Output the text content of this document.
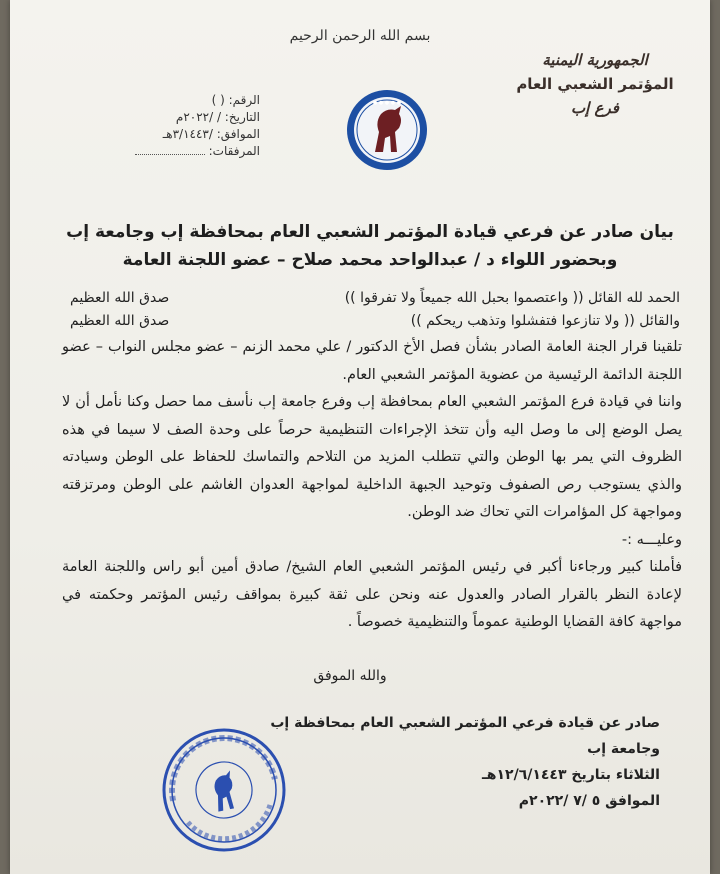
بسم الله الرحمن الرحيم
الجمهورية اليمنية
المؤتمر الشعبي العام
فرع إب
● ● ● ● ●
الرقم: ( )
التاريخ: / /٢٠٢٢م
الموافق: /٣/١٤٤٣هـ
المرفقات:
بيان صادر عن فرعي قيادة المؤتمر الشعبي العام بمحافظة إب وجامعة إب
وبحضور اللواء د / عبدالواحد محمد صلاح – عضو اللجنة العامة
الحمد لله القائل (( واعتصموا بحبل الله جميعاً ولا تفرقوا ))
صدق الله العظيم
والقائل (( ولا تنازعوا فتفشلوا وتذهب ريحكم ))
صدق الله العظيم

تلقينا قرار الجنة العامة الصادر بشأن فصل الأخ الدكتور / علي محمد الزنم – عضو مجلس النواب – عضو اللجنة الدائمة الرئيسية من عضوية المؤتمر الشعبي العام.

واننا في قيادة فرع المؤتمر الشعبي العام بمحافظة إب وفرع جامعة إب نأسف مما حصل وكنا نأمل أن لا يصل الوضع إلى ما وصل اليه وأن تتخذ الإجراءات التنظيمية حرصاً على وحدة الصف لا سيما في هذه الظروف التي يمر بها الوطن والتي تتطلب المزيد من التلاحم والتماسك للحفاظ على الوطن وسيادته والذي يستوجب رص الصفوف وتوحيد الجبهة الداخلية لمواجهة العدوان الغاشم على الوطن ومرتزقته ومواجهة كل المؤامرات التي تحاك ضد الوطن.

وعليـــه :-

فأملنا كبير ورجاءنا أكبر في رئيس المؤتمر الشعبي العام الشيخ/ صادق أمين أبو راس واللجنة العامة لإعادة النظر بالقرار الصادر والعدول عنه ونحن على ثقة كبيرة بمواقف رئيس المؤتمر وحكمته في مواجهة كافة القضايا الوطنية عموماً والتنظيمية خصوصاً .

والله الموفق
صادر عن قيادة فرعي المؤتمر الشعبي العام بمحافظة إب وجامعة إب
الثلاثاء بتاريخ ١٢/٦/١٤٤٣هـ
الموافق ٥ /٧ /٢٠٢٢م
